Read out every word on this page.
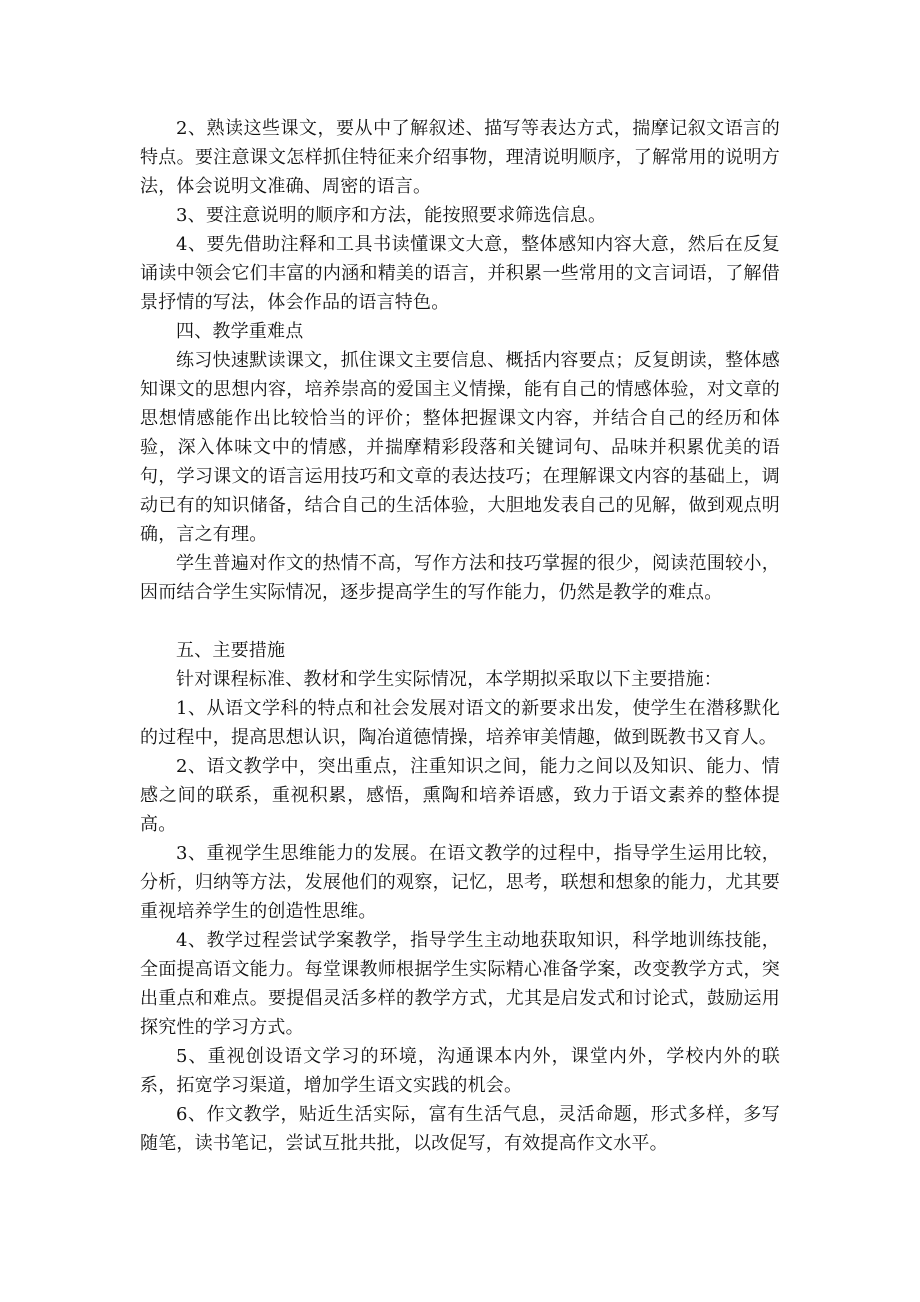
2、熟读这些课文，要从中了解叙述、描写等表达方式，揣摩记叙文语言的特点。要注意课文怎样抓住特征来介绍事物，理清说明顺序，了解常用的说明方法，体会说明文准确、周密的语言。

3、要注意说明的顺序和方法，能按照要求筛选信息。

4、要先借助注释和工具书读懂课文大意，整体感知内容大意，然后在反复诵读中领会它们丰富的内涵和精美的语言，并积累一些常用的文言词语，了解借景抒情的写法，体会作品的语言特色。

四、教学重难点

练习快速默读课文，抓住课文主要信息、概括内容要点；反复朗读，整体感知课文的思想内容，培养崇高的爱国主义情操，能有自己的情感体验，对文章的思想情感能作出比较恰当的评价；整体把握课文内容，并结合自己的经历和体验，深入体味文中的情感，并揣摩精彩段落和关键词句、品味并积累优美的语句，学习课文的语言运用技巧和文章的表达技巧；在理解课文内容的基础上，调动已有的知识储备，结合自己的生活体验，大胆地发表自己的见解，做到观点明确，言之有理。

学生普遍对作文的热情不高，写作方法和技巧掌握的很少，阅读范围较小，因而结合学生实际情况，逐步提高学生的写作能力，仍然是教学的难点。

五、主要措施

针对课程标准、教材和学生实际情况，本学期拟采取以下主要措施：

1、从语文学科的特点和社会发展对语文的新要求出发，使学生在潜移默化的过程中，提高思想认识，陶冶道德情操，培养审美情趣，做到既教书又育人。

2、语文教学中，突出重点，注重知识之间，能力之间以及知识、能力、情感之间的联系，重视积累，感悟，熏陶和培养语感，致力于语文素养的整体提高。

3、重视学生思维能力的发展。在语文教学的过程中，指导学生运用比较，分析，归纳等方法，发展他们的观察，记忆，思考，联想和想象的能力，尤其要重视培养学生的创造性思维。

4、教学过程尝试学案教学，指导学生主动地获取知识，科学地训练技能，全面提高语文能力。每堂课教师根据学生实际精心准备学案，改变教学方式，突出重点和难点。要提倡灵活多样的教学方式，尤其是启发式和讨论式，鼓励运用探究性的学习方式。

5、重视创设语文学习的环境，沟通课本内外，课堂内外，学校内外的联系，拓宽学习渠道，增加学生语文实践的机会。

6、作文教学，贴近生活实际，富有生活气息，灵活命题，形式多样，多写随笔，读书笔记，尝试互批共批，以改促写，有效提高作文水平。
